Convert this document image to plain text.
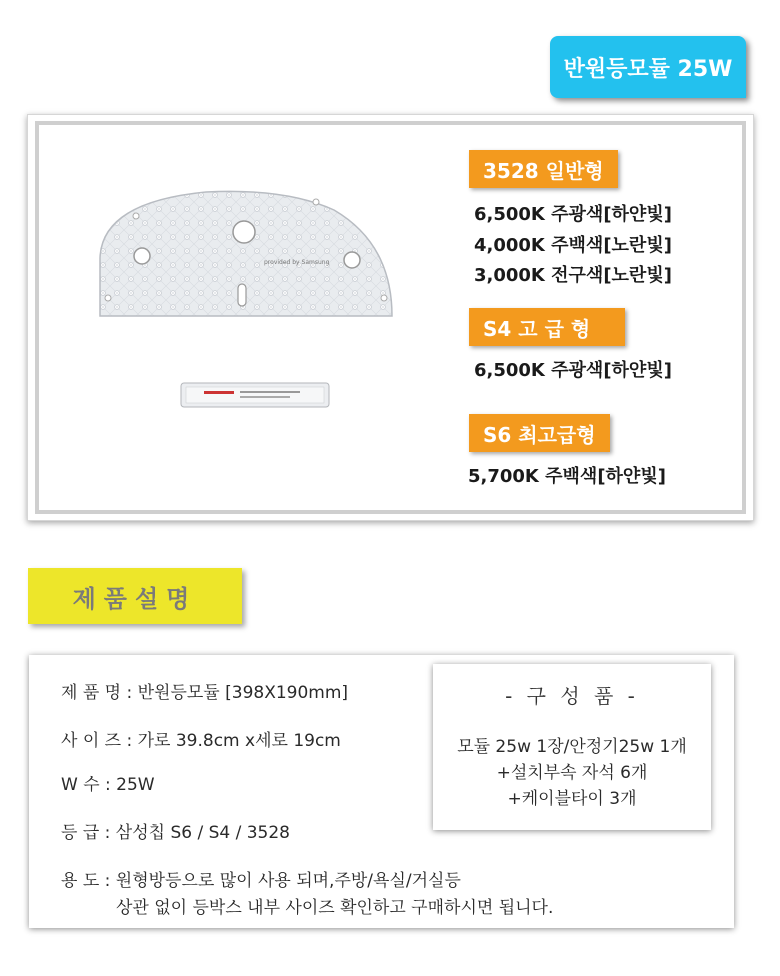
반원등모듈 25W
provided by Samsung
3528 일반형
6,500K 주광색[하얀빛]
4,000K 주백색[노란빛]
3,000K 전구색[노란빛]
S4 고 급 형
6,500K 주광색[하얀빛]
S6 최고급형
5,700K 주백색[하얀빛]
제품설명
제 품 명 : 반원등모듈 [398X190mm]
사 이 즈 : 가로 39.8cm x세로 19cm
W 수 : 25W
등 급 : 삼성칩 S6 / S4 / 3528
용 도 : 원형방등으로 많이 사용 되며,주방/욕실/거실등
상관 없이 등박스 내부 사이즈 확인하고 구매하시면 됩니다.
- 구 성 품 -
모듈 25w 1장/안정기25w 1개
+설치부속 자석 6개
+케이블타이 3개
